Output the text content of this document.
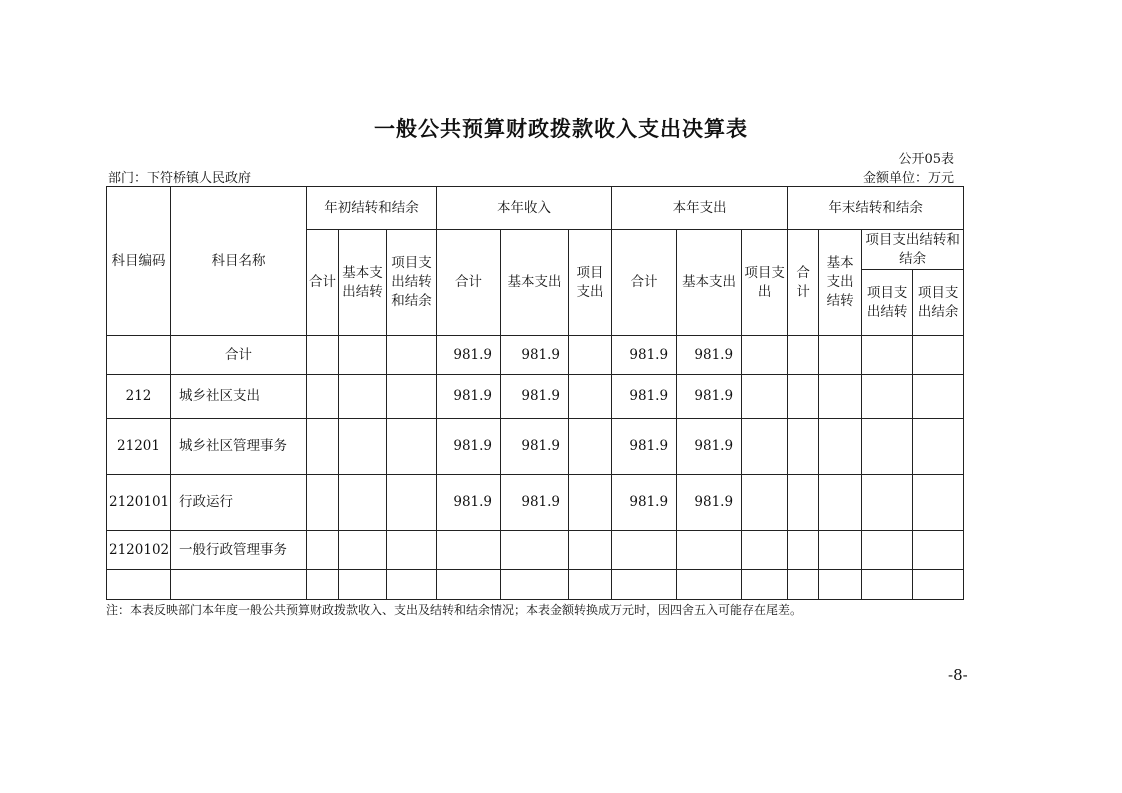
一般公共预算财政拨款收入支出决算表
公开05表
部门：下符桥镇人民政府	金额单位：万元
科目编码	科目名称	年初结转和结余			本年收入			本年支出			年末结转和结余			
		合计	基本支出结转	项目支出结转和结余	合计	基本支出	项目支出	合计	基本支出	项目支出	合计	基本支出结转	项目支出结转和结余	
													项目支出结转	项目支出结余
	合计				981.9	981.9		981.9	981.9					
212	城乡社区支出				981.9	981.9		981.9	981.9					
21201	城乡社区管理事务				981.9	981.9		981.9	981.9					
2120101	行政运行				981.9	981.9		981.9	981.9					
2120102	一般行政管理事务													

注：本表反映部门本年度一般公共预算财政拨款收入、支出及结转和结余情况；本表金额转换成万元时，因四舍五入可能存在尾差。
-8-
